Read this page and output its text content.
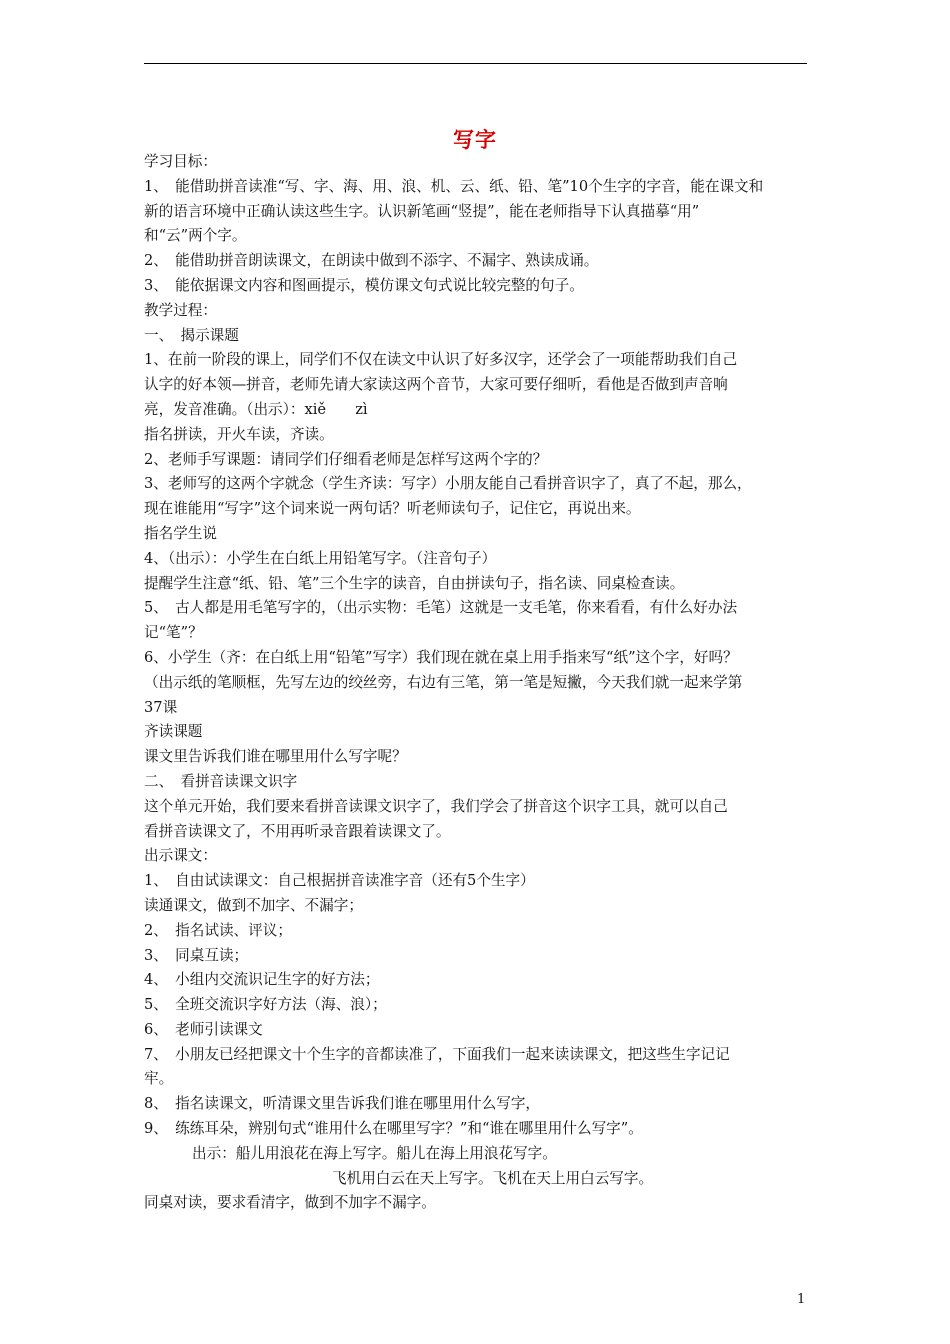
写字
学习目标：
1、　能借助拼音读准“写、字、海、用、浪、机、云、纸、铅、笔”10个生字的字音，能在课文和
新的语言环境中正确认读这些生字。认识新笔画“竖提”，能在老师指导下认真描摹“用”
和“云”两个字。
2、　能借助拼音朗读课文，在朗读中做到不添字、不漏字、熟读成诵。
3、　能依据课文内容和图画提示，模仿课文句式说比较完整的句子。
教学过程：
一、　揭示课题
1、在前一阶段的课上，同学们不仅在读文中认识了好多汉字，还学会了一项能帮助我们自己
认字的好本领—拼音，老师先请大家读这两个音节，大家可要仔细听，看他是否做到声音响
亮，发音准确。（出示）：xiě　　zì
指名拼读，开火车读，齐读。
2、老师手写课题：请同学们仔细看老师是怎样写这两个字的？
3、老师写的这两个字就念（学生齐读：写字）小朋友能自己看拼音识字了，真了不起，那么，
现在谁能用“写字”这个词来说一两句话？听老师读句子，记住它，再说出来。
指名学生说
4、（出示）：小学生在白纸上用铅笔写字。（注音句子）
提醒学生注意“纸、铅、笔”三个生字的读音，自由拼读句子，指名读、同桌检查读。
5、　古人都是用毛笔写字的，（出示实物：毛笔）这就是一支毛笔，你来看看，有什么好办法
记“笔”？
6、小学生（齐：在白纸上用“铅笔”写字）我们现在就在桌上用手指来写“纸”这个字，好吗？
（出示纸的笔顺框，先写左边的绞丝旁，右边有三笔，第一笔是短撇，今天我们就一起来学第
37课
齐读课题
课文里告诉我们谁在哪里用什么写字呢？
二、　看拼音读课文识字
这个单元开始，我们要来看拼音读课文识字了，我们学会了拼音这个识字工具，就可以自己
看拼音读课文了，不用再听录音跟着读课文了。
出示课文：
1、　自由试读课文：自己根据拼音读准字音（还有5个生字）
读通课文，做到不加字、不漏字；
2、　指名试读、评议；
3、　同桌互读；
4、　小组内交流识记生字的好方法；
5、　全班交流识字好方法（海、浪）；
6、　老师引读课文
7、　小朋友已经把课文十个生字的音都读准了，下面我们一起来读读课文，把这些生字记记
牢。
8、　指名读课文，听清课文里告诉我们谁在哪里用什么写字，
9、　练练耳朵，辨别句式“谁用什么在哪里写字？”和“谁在哪里用什么写字”。
出示：船儿用浪花在海上写字。船儿在海上用浪花写字。
飞机用白云在天上写字。飞机在天上用白云写字。
同桌对读，要求看清字，做到不加字不漏字。
1
